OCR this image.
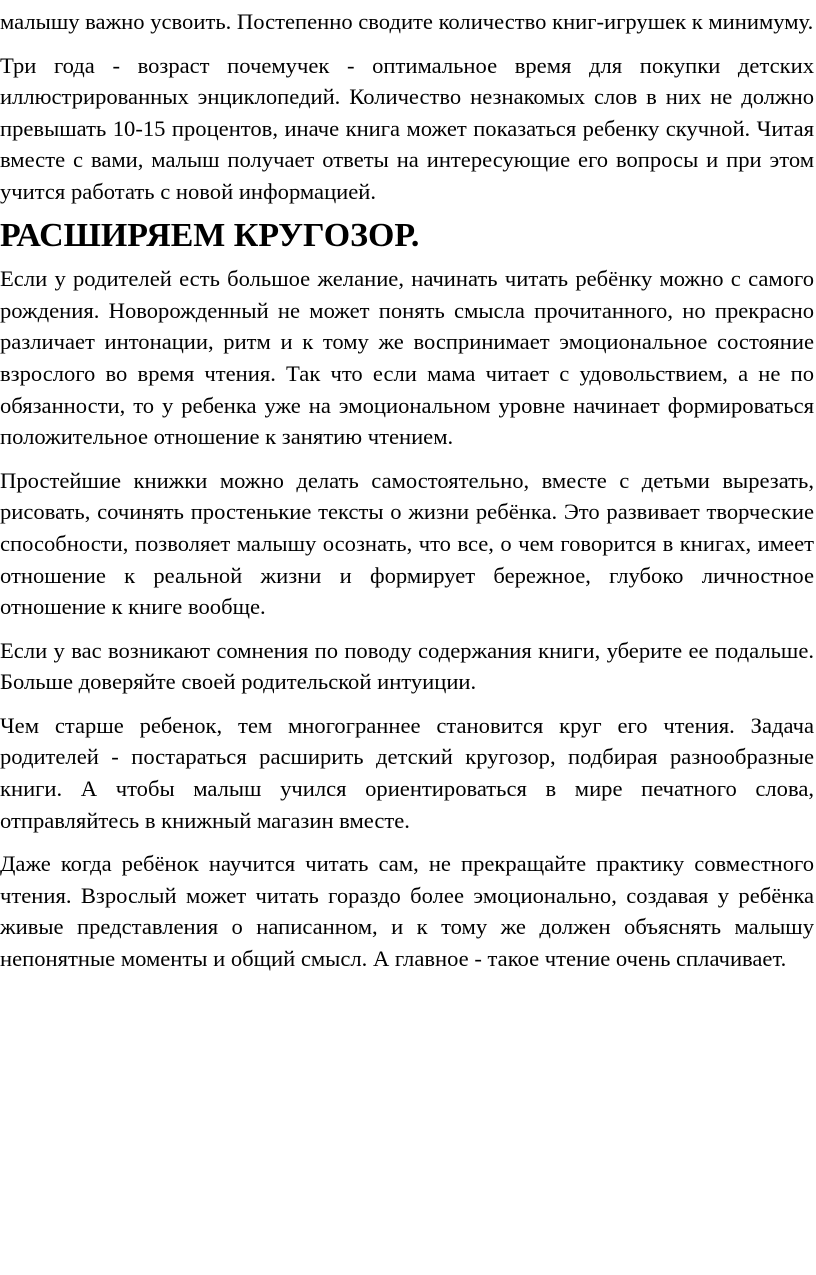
малышу важно усвоить. Постепенно сводите количество книг-игрушек к минимуму.

Три года - возраст почемучек - оптимальное время для покупки детских иллюстрированных энциклопедий. Количество незнакомых слов в них не должно превышать 10-15 процентов, иначе книга может показаться ребенку скучной. Читая вместе с вами, малыш получает ответы на интересующие его вопросы и при этом учится работать с новой информацией.

РАСШИРЯЕМ КРУГОЗОР.

Если у родителей есть большое желание, начинать читать ребёнку можно с самого рождения. Новорожденный не может понять смысла прочитанного, но прекрасно различает интонации, ритм и к тому же воспринимает эмоциональное состояние взрослого во время чтения. Так что если мама читает с удовольствием, а не по обязанности, то у ребенка уже на эмоциональном уровне начинает формироваться положительное отношение к занятию чтением.

Простейшие книжки можно делать самостоятельно, вместе с детьми вырезать, рисовать, сочинять простенькие тексты о жизни ребёнка. Это развивает творческие способности, позволяет малышу осознать, что все, о чем говорится в книгах, имеет отношение к реальной жизни и формирует бережное, глубоко личностное отношение к книге вообще.

Если у вас возникают сомнения по поводу содержания книги, уберите ее подальше. Больше доверяйте своей родительской интуиции.

Чем старше ребенок, тем многограннее становится круг его чтения. Задача родителей - постараться расширить детский кругозор, подбирая разнообразные книги. А чтобы малыш учился ориентироваться в мире печатного слова, отправляйтесь в книжный магазин вместе.

Даже когда ребёнок научится читать сам, не прекращайте практику совместного чтения. Взрослый может читать гораздо более эмоционально, создавая у ребёнка живые представления о написанном, и к тому же должен объяснять малышу непонятные моменты и общий смысл. А главное - такое чтение очень сплачивает.
